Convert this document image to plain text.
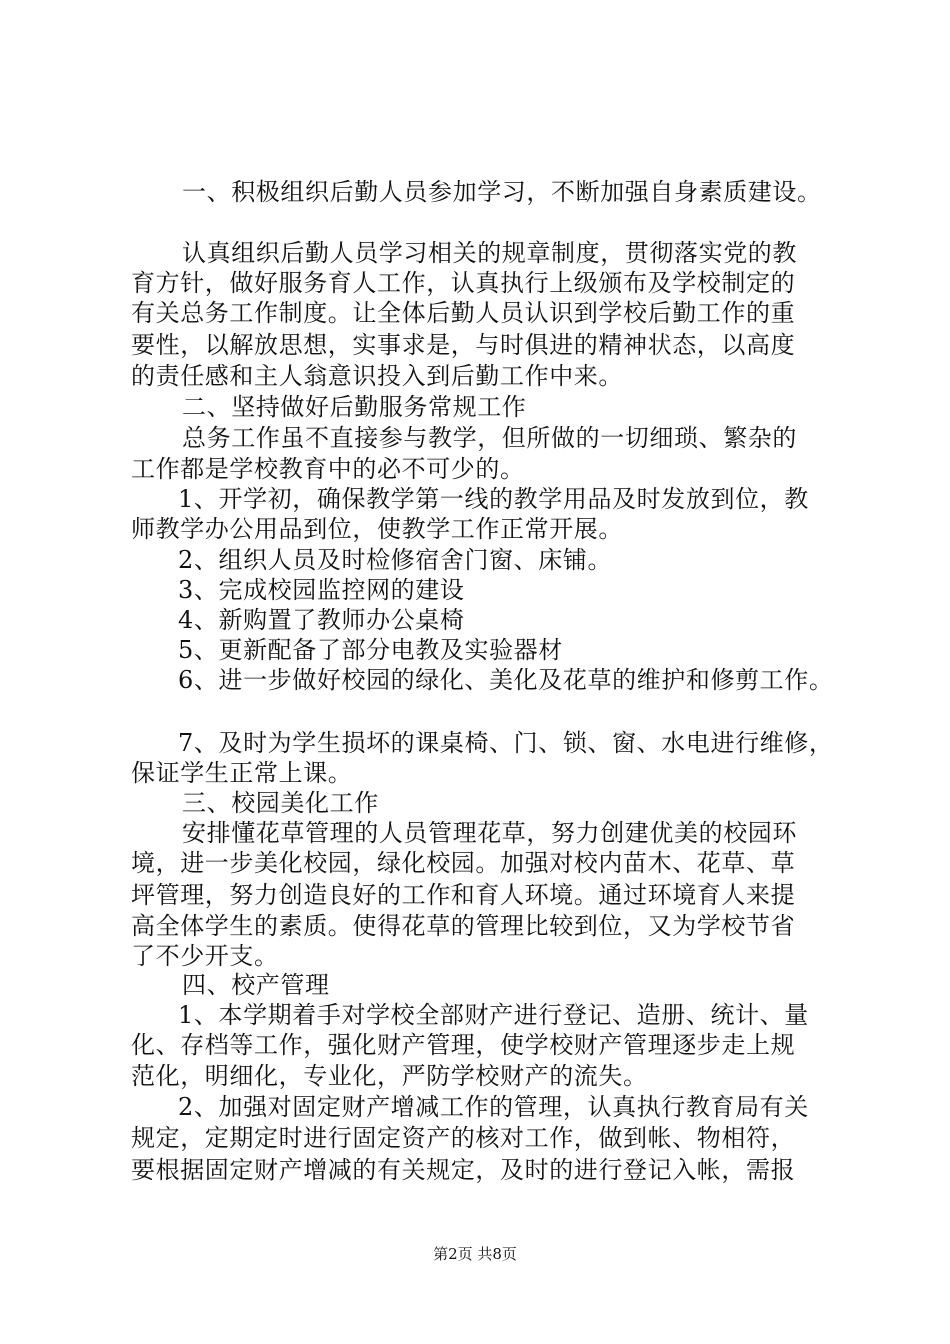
一、积极组织后勤人员参加学习，不断加强自身素质建设。

认真组织后勤人员学习相关的规章制度，贯彻落实党的教

育方针，做好服务育人工作，认真执行上级颁布及学校制定的

有关总务工作制度。让全体后勤人员认识到学校后勤工作的重

要性，以解放思想，实事求是，与时俱进的精神状态，以高度

的责任感和主人翁意识投入到后勤工作中来。

二、坚持做好后勤服务常规工作

总务工作虽不直接参与教学，但所做的一切细琐、繁杂的

工作都是学校教育中的必不可少的。

1、开学初，确保教学第一线的教学用品及时发放到位，教

师教学办公用品到位，使教学工作正常开展。

2、组织人员及时检修宿舍门窗、床铺。

3、完成校园监控网的建设

4、新购置了教师办公桌椅

5、更新配备了部分电教及实验器材

6、进一步做好校园的绿化、美化及花草的维护和修剪工作。

7、及时为学生损坏的课桌椅、门、锁、窗、水电进行维修，

保证学生正常上课。

三、校园美化工作

安排懂花草管理的人员管理花草，努力创建优美的校园环

境，进一步美化校园，绿化校园。加强对校内苗木、花草、草

坪管理，努力创造良好的工作和育人环境。通过环境育人来提

高全体学生的素质。使得花草的管理比较到位，又为学校节省

了不少开支。

四、校产管理

1、本学期着手对学校全部财产进行登记、造册、统计、量

化、存档等工作，强化财产管理，使学校财产管理逐步走上规

范化，明细化，专业化，严防学校财产的流失。

2、加强对固定财产增减工作的管理，认真执行教育局有关

规定，定期定时进行固定资产的核对工作，做到帐、物相符，

要根据固定财产增减的有关规定，及时的进行登记入帐，需报

第2页 共8页
